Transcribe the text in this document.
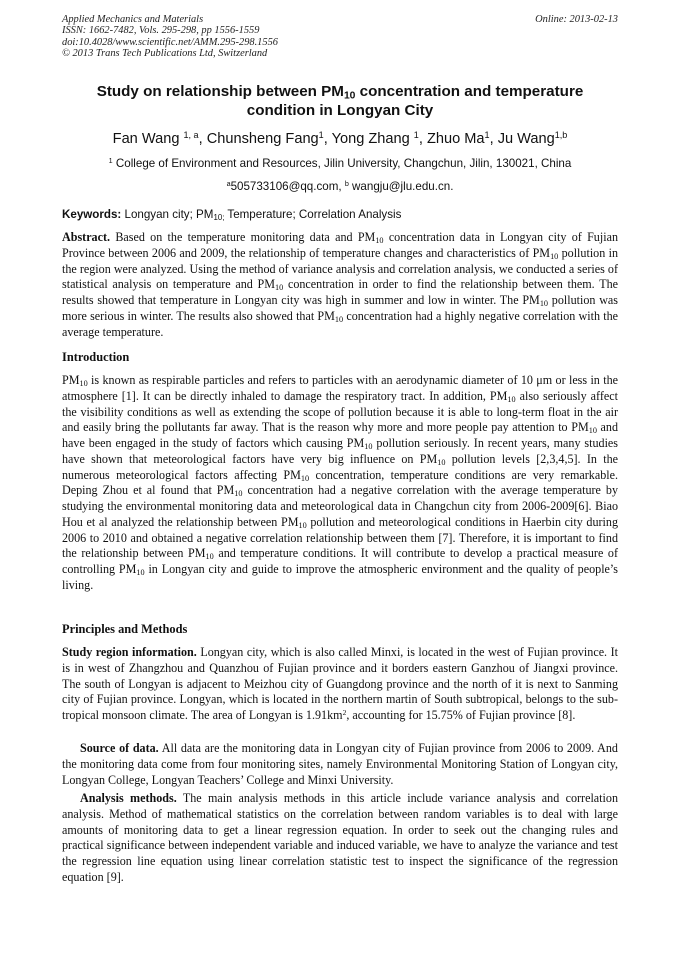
Applied Mechanics and Materials
ISSN: 1662-7482, Vols. 295-298, pp 1556-1559
doi:10.4028/www.scientific.net/AMM.295-298.1556
© 2013 Trans Tech Publications Ltd, Switzerland
Online: 2013-02-13
Study on relationship between $PM_{10}$ concentration and temperature
condition in Longyan City
Fan Wang $^{1, a}$, Chunsheng Fang$^1$, Yong Zhang $^1$, Zhuo Ma$^1$, Ju Wang$^{1,b}$
$^1$ College of Environment and Resources, Jilin University, Changchun, Jilin, 130021, China
$^a$505733106@qq.com, $^b$ wangju@jlu.edu.cn.
Keywords: Longyan city; $PM_{10;}$ Temperature; Correlation Analysis

Abstract. Based on the temperature monitoring data and $PM_{10}$ concentration data in Longyan city of Fujian Province between 2006 and 2009, the relationship of temperature changes and characteristics of $PM_{10}$ pollution in the region were analyzed. Using the method of variance analysis and correlation analysis, we conducted a series of statistical analysis on temperature and $PM_{10}$ concentration in order to find the relationship between them. The results showed that temperature in Longyan city was high in summer and low in winter. The $PM_{10}$ pollution was more serious in winter. The results also showed that $PM_{10}$ concentration had a highly negative correlation with the average temperature.

Introduction

$PM_{10}$ is known as respirable particles and refers to particles with an aerodynamic diameter of 10 μm or less in the atmosphere [1]. It can be directly inhaled to damage the respiratory tract. In addition, $PM_{10}$ also seriously affect the visibility conditions as well as extending the scope of pollution because it is able to long-term float in the air and easily bring the pollutants far away. That is the reason why more and more people pay attention to $PM_{10}$ and have been engaged in the study of factors which causing $PM_{10}$ pollution seriously. In recent years, many studies have shown that meteorological factors have very big influence on $PM_{10}$ pollution levels [2,3,4,5]. In the numerous meteorological factors affecting $PM_{10}$ concentration, temperature conditions are very remarkable. Deping Zhou et al found that $PM_{10}$ concentration had a negative correlation with the average temperature by studying the environmental monitoring data and meteorological data in Changchun city from 2006-2009[6]. Biao Hou et al analyzed the relationship between $PM_{10}$ pollution and meteorological conditions in Haerbin city during 2006 to 2010 and obtained a negative correlation relationship between them [7]. Therefore, it is important to find the relationship between $PM_{10}$ and temperature conditions. It will contribute to develop a practical measure of controlling $PM_{10}$ in Longyan city and guide to improve the atmospheric environment and the quality of people’s living.

Principles and Methods

Study region information. Longyan city, which is also called Minxi, is located in the west of Fujian province. It is in west of Zhangzhou and Quanzhou of Fujian province and it borders eastern Ganzhou of Jiangxi province. The south of Longyan is adjacent to Meizhou city of Guangdong province and the north of it is next to Sanming city of Fujian province. Longyan, which is located in the northern martin of South subtropical, belongs to the sub-tropical monsoon climate. The area of Longyan is $1.91km^2$, accounting for 15.75% of Fujian province [8].

Source of data. All data are the monitoring data in Longyan city of Fujian province from 2006 to 2009. And the monitoring data come from four monitoring sites, namely Environmental Monitoring Station of Longyan city, Longyan College, Longyan Teachers’ College and Minxi University.

Analysis methods. The main analysis methods in this article include variance analysis and correlation analysis. Method of mathematical statistics on the correlation between random variables is to deal with large amounts of monitoring data to get a linear regression equation. In order to seek out the changing rules and practical significance between independent variable and induced variable, we have to analyze the variance and test the regression line equation using linear correlation statistic test to inspect the significance of the regression equation [9].
